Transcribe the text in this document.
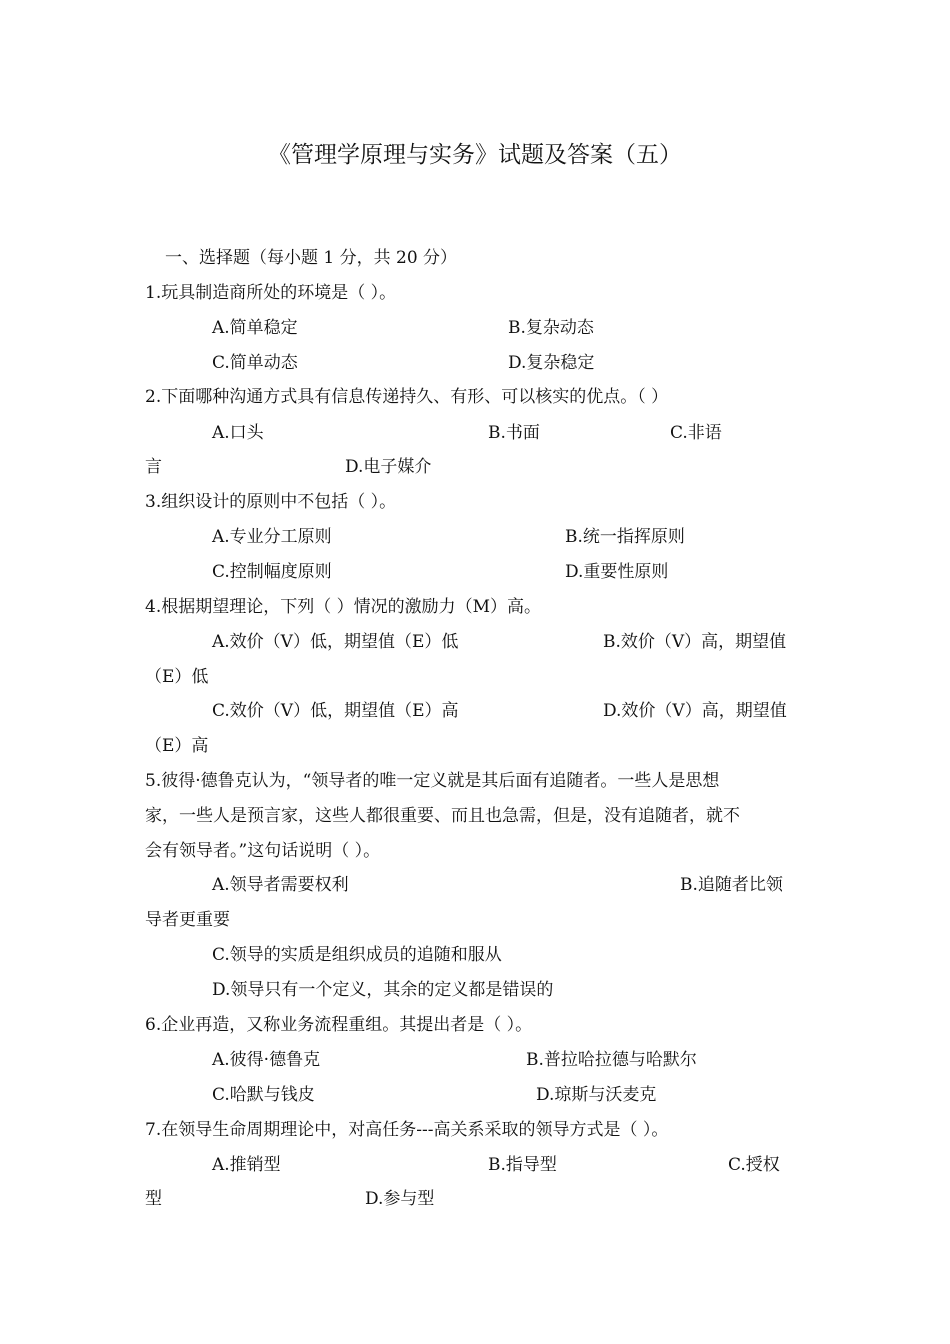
《管理学原理与实务》试题及答案（五）
一、选择题（每小题 1 分，共 20 分）
1.玩具制造商所处的环境是（ ）。
A.简单稳定	B.复杂动态
C.简单动态	D.复杂稳定
2.下面哪种沟通方式具有信息传递持久、有形、可以核实的优点。（ ）
A.口头	B.书面	C.非语
言	D.电子媒介
3.组织设计的原则中不包括（ ）。
A.专业分工原则	B.统一指挥原则
C.控制幅度原则	D.重要性原则
4.根据期望理论，下列（ ）情况的激励力（M）高。
A.效价（V）低，期望值（E）低	B.效价（V）高，期望值
（E）低
C.效价（V）低，期望值（E）高	D.效价（V）高，期望值
（E）高
5.彼得·德鲁克认为，“领导者的唯一定义就是其后面有追随者。一些人是思想
家，一些人是预言家，这些人都很重要、而且也急需，但是，没有追随者，就不
会有领导者。”这句话说明（ ）。
A.领导者需要权利	B.追随者比领
导者更重要
C.领导的实质是组织成员的追随和服从
D.领导只有一个定义，其余的定义都是错误的
6.企业再造，又称业务流程重组。其提出者是（ ）。
A.彼得·德鲁克	B.普拉哈拉德与哈默尔
C.哈默与钱皮	D.琼斯与沃麦克
7.在领导生命周期理论中，对高任务---高关系采取的领导方式是（ ）。
A.推销型	B.指导型	C.授权
型	D.参与型
